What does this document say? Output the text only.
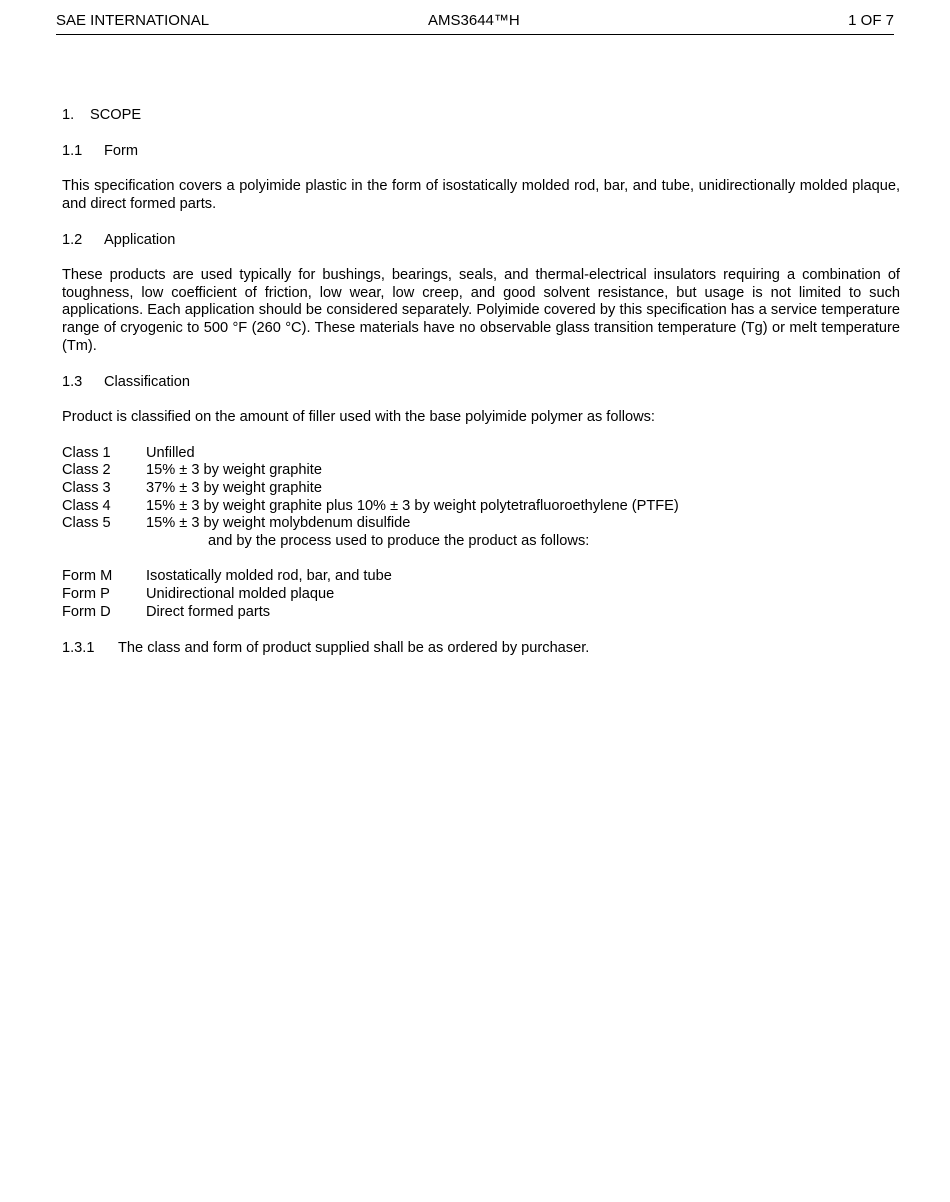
SAE INTERNATIONAL	AMS3644™H	1 OF 7
1. SCOPE
1.1 Form
This specification covers a polyimide plastic in the form of isostatically molded rod, bar, and tube, unidirectionally molded plaque, and direct formed parts.
1.2 Application
These products are used typically for bushings, bearings, seals, and thermal-electrical insulators requiring a combination of toughness, low coefficient of friction, low wear, low creep, and good solvent resistance, but usage is not limited to such applications. Each application should be considered separately. Polyimide covered by this specification has a service temperature range of cryogenic to 500 °F (260 °C). These materials have no observable glass transition temperature (Tg) or melt temperature (Tm).
1.3 Classification
Product is classified on the amount of filler used with the base polyimide polymer as follows:
Class 1 Unfilled
Class 2 15% ± 3 by weight graphite
Class 3 37% ± 3 by weight graphite
Class 4 15% ± 3 by weight graphite plus 10% ± 3 by weight polytetrafluoroethylene (PTFE)
Class 5 15% ± 3 by weight molybdenum disulfide
and by the process used to produce the product as follows:
Form M Isostatically molded rod, bar, and tube
Form P Unidirectional molded plaque
Form D Direct formed parts
1.3.1 The class and form of product supplied shall be as ordered by purchaser.
